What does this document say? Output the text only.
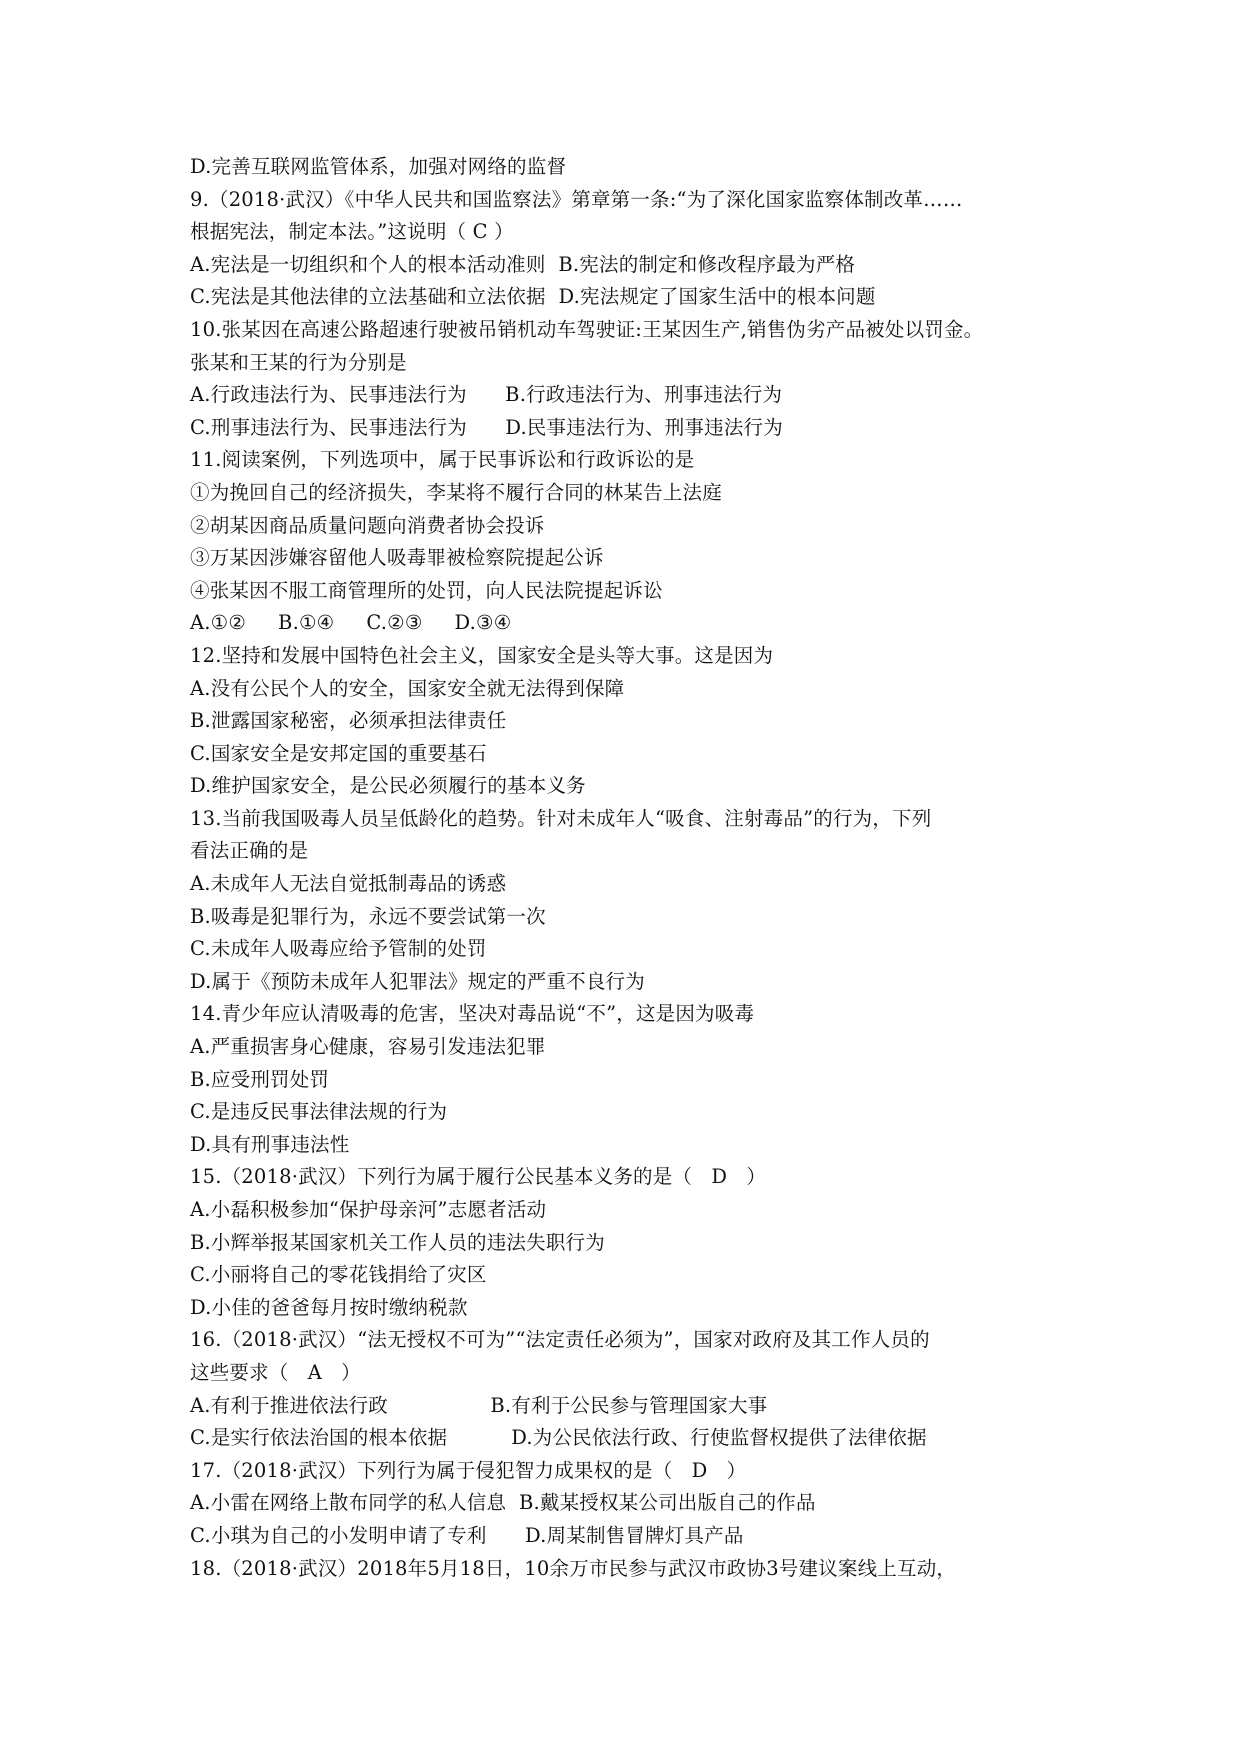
D.完善互联网监管体系，加强对网络的监督
9.（2018·武汉）《中华人民共和国监察法》第章第一条:“为了深化国家监察体制改革……
根据宪法，制定本法。”这说明（ C ）
A.宪法是一切组织和个人的根本活动准则  B.宪法的制定和修改程序最为严格
C.宪法是其他法律的立法基础和立法依据  D.宪法规定了国家生活中的根本问题
10.张某因在高速公路超速行驶被吊销机动车驾驶证:王某因生产,销售伪劣产品被处以罚金。
张某和王某的行为分别是
A.行政违法行为、民事违法行为      B.行政违法行为、刑事违法行为
C.刑事违法行为、民事违法行为      D.民事违法行为、刑事违法行为
11.阅读案例，下列选项中，属于民事诉讼和行政诉讼的是
①为挽回自己的经济损失，李某将不履行合同的林某告上法庭
②胡某因商品质量问题向消费者协会投诉
③万某因涉嫌容留他人吸毒罪被检察院提起公诉
④张某因不服工商管理所的处罚，向人民法院提起诉讼
A.①②     B.①④     C.②③     D.③④
12.坚持和发展中国特色社会主义，国家安全是头等大事。这是因为
A.没有公民个人的安全，国家安全就无法得到保障
B.泄露国家秘密，必须承担法律责任
C.国家安全是安邦定国的重要基石
D.维护国家安全，是公民必须履行的基本义务
13.当前我国吸毒人员呈低龄化的趋势。针对未成年人“吸食、注射毒品”的行为，下列
看法正确的是
A.未成年人无法自觉抵制毒品的诱惑
B.吸毒是犯罪行为，永远不要尝试第一次
C.未成年人吸毒应给予管制的处罚
D.属于《预防未成年人犯罪法》规定的严重不良行为
14.青少年应认清吸毒的危害，坚决对毒品说“不”，这是因为吸毒
A.严重损害身心健康，容易引发违法犯罪
B.应受刑罚处罚
C.是违反民事法律法规的行为
D.具有刑事违法性
15.（2018·武汉）下列行为属于履行公民基本义务的是（   D   ）
A.小磊积极参加“保护母亲河”志愿者活动
B.小辉举报某国家机关工作人员的违法失职行为
C.小丽将自己的零花钱捐给了灾区
D.小佳的爸爸每月按时缴纳税款
16.（2018·武汉）“法无授权不可为”“法定责任必须为”，国家对政府及其工作人员的
这些要求（   A   ）
A.有利于推进依法行政                B.有利于公民参与管理国家大事
C.是实行依法治国的根本依据          D.为公民依法行政、行使监督权提供了法律依据
17.（2018·武汉）下列行为属于侵犯智力成果权的是（   D   ）
A.小雷在网络上散布同学的私人信息  B.戴某授权某公司出版自己的作品
C.小琪为自己的小发明申请了专利      D.周某制售冒牌灯具产品
18.（2018·武汉）2018年5月18日，10余万市民参与武汉市政协3号建议案线上互动，
